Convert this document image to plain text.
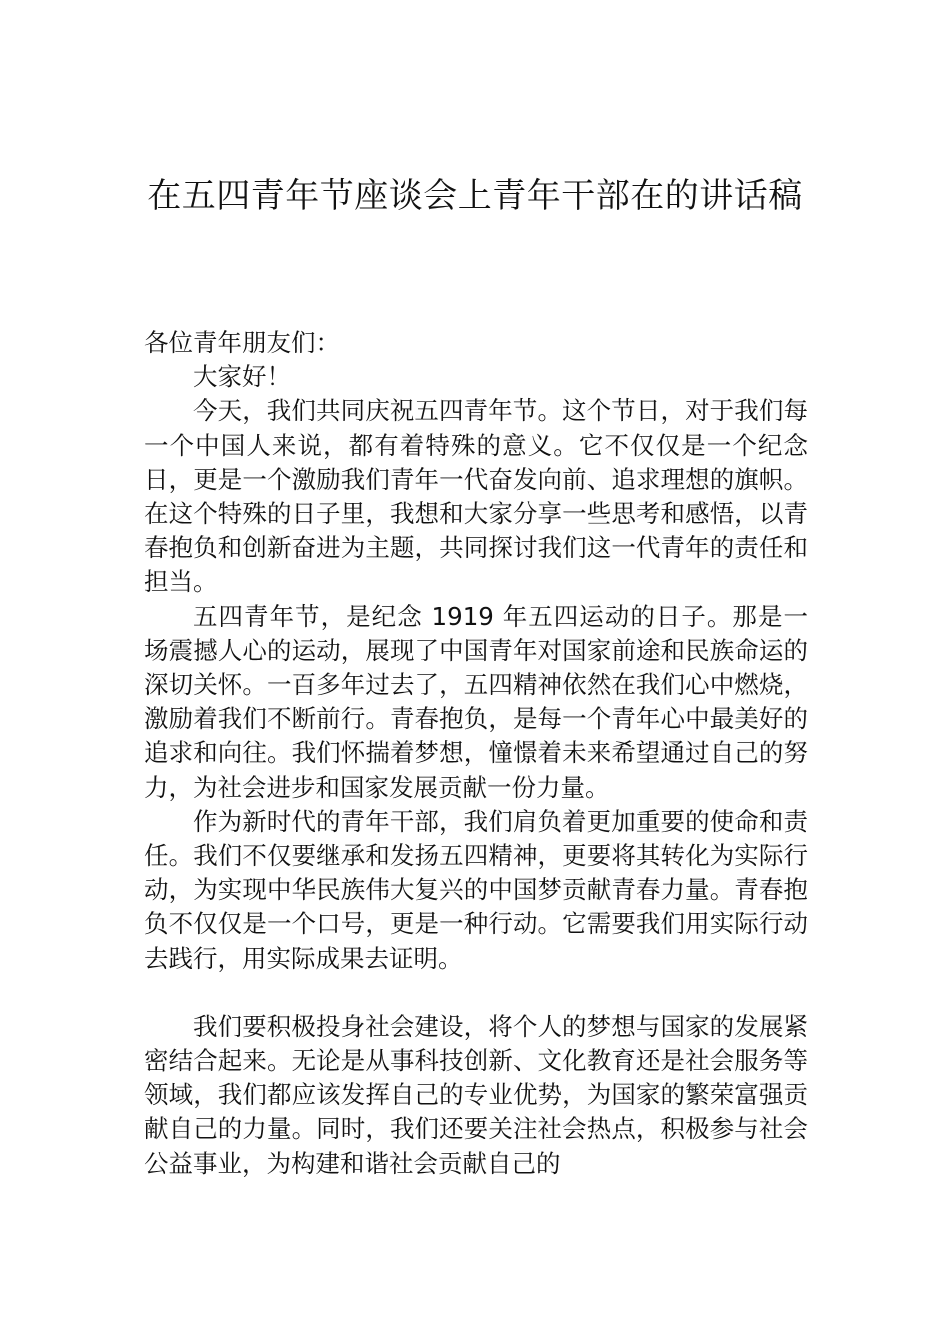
在五四青年节座谈会上青年干部在的讲话稿

各位青年朋友们：

大家好！

今天，我们共同庆祝五四青年节。这个节日，对于我们每一个中国人来说，都有着特殊的意义。它不仅仅是一个纪念日，更是一个激励我们青年一代奋发向前、追求理想的旗帜。在这个特殊的日子里，我想和大家分享一些思考和感悟，以青春抱负和创新奋进为主题，共同探讨我们这一代青年的责任和担当。

五四青年节，是纪念 1919 年五四运动的日子。那是一场震撼人心的运动，展现了中国青年对国家前途和民族命运的深切关怀。一百多年过去了，五四精神依然在我们心中燃烧，激励着我们不断前行。青春抱负，是每一个青年心中最美好的追求和向往。我们怀揣着梦想，憧憬着未来希望通过自己的努力，为社会进步和国家发展贡献一份力量。

作为新时代的青年干部，我们肩负着更加重要的使命和责任。我们不仅要继承和发扬五四精神，更要将其转化为实际行动，为实现中华民族伟大复兴的中国梦贡献青春力量。青春抱负不仅仅是一个口号，更是一种行动。它需要我们用实际行动去践行，用实际成果去证明。

我们要积极投身社会建设，将个人的梦想与国家的发展紧密结合起来。无论是从事科技创新、文化教育还是社会服务等领域，我们都应该发挥自己的专业优势，为国家的繁荣富强贡献自己的力量。同时，我们还要关注社会热点，积极参与社会公益事业，为构建和谐社会贡献自己的
